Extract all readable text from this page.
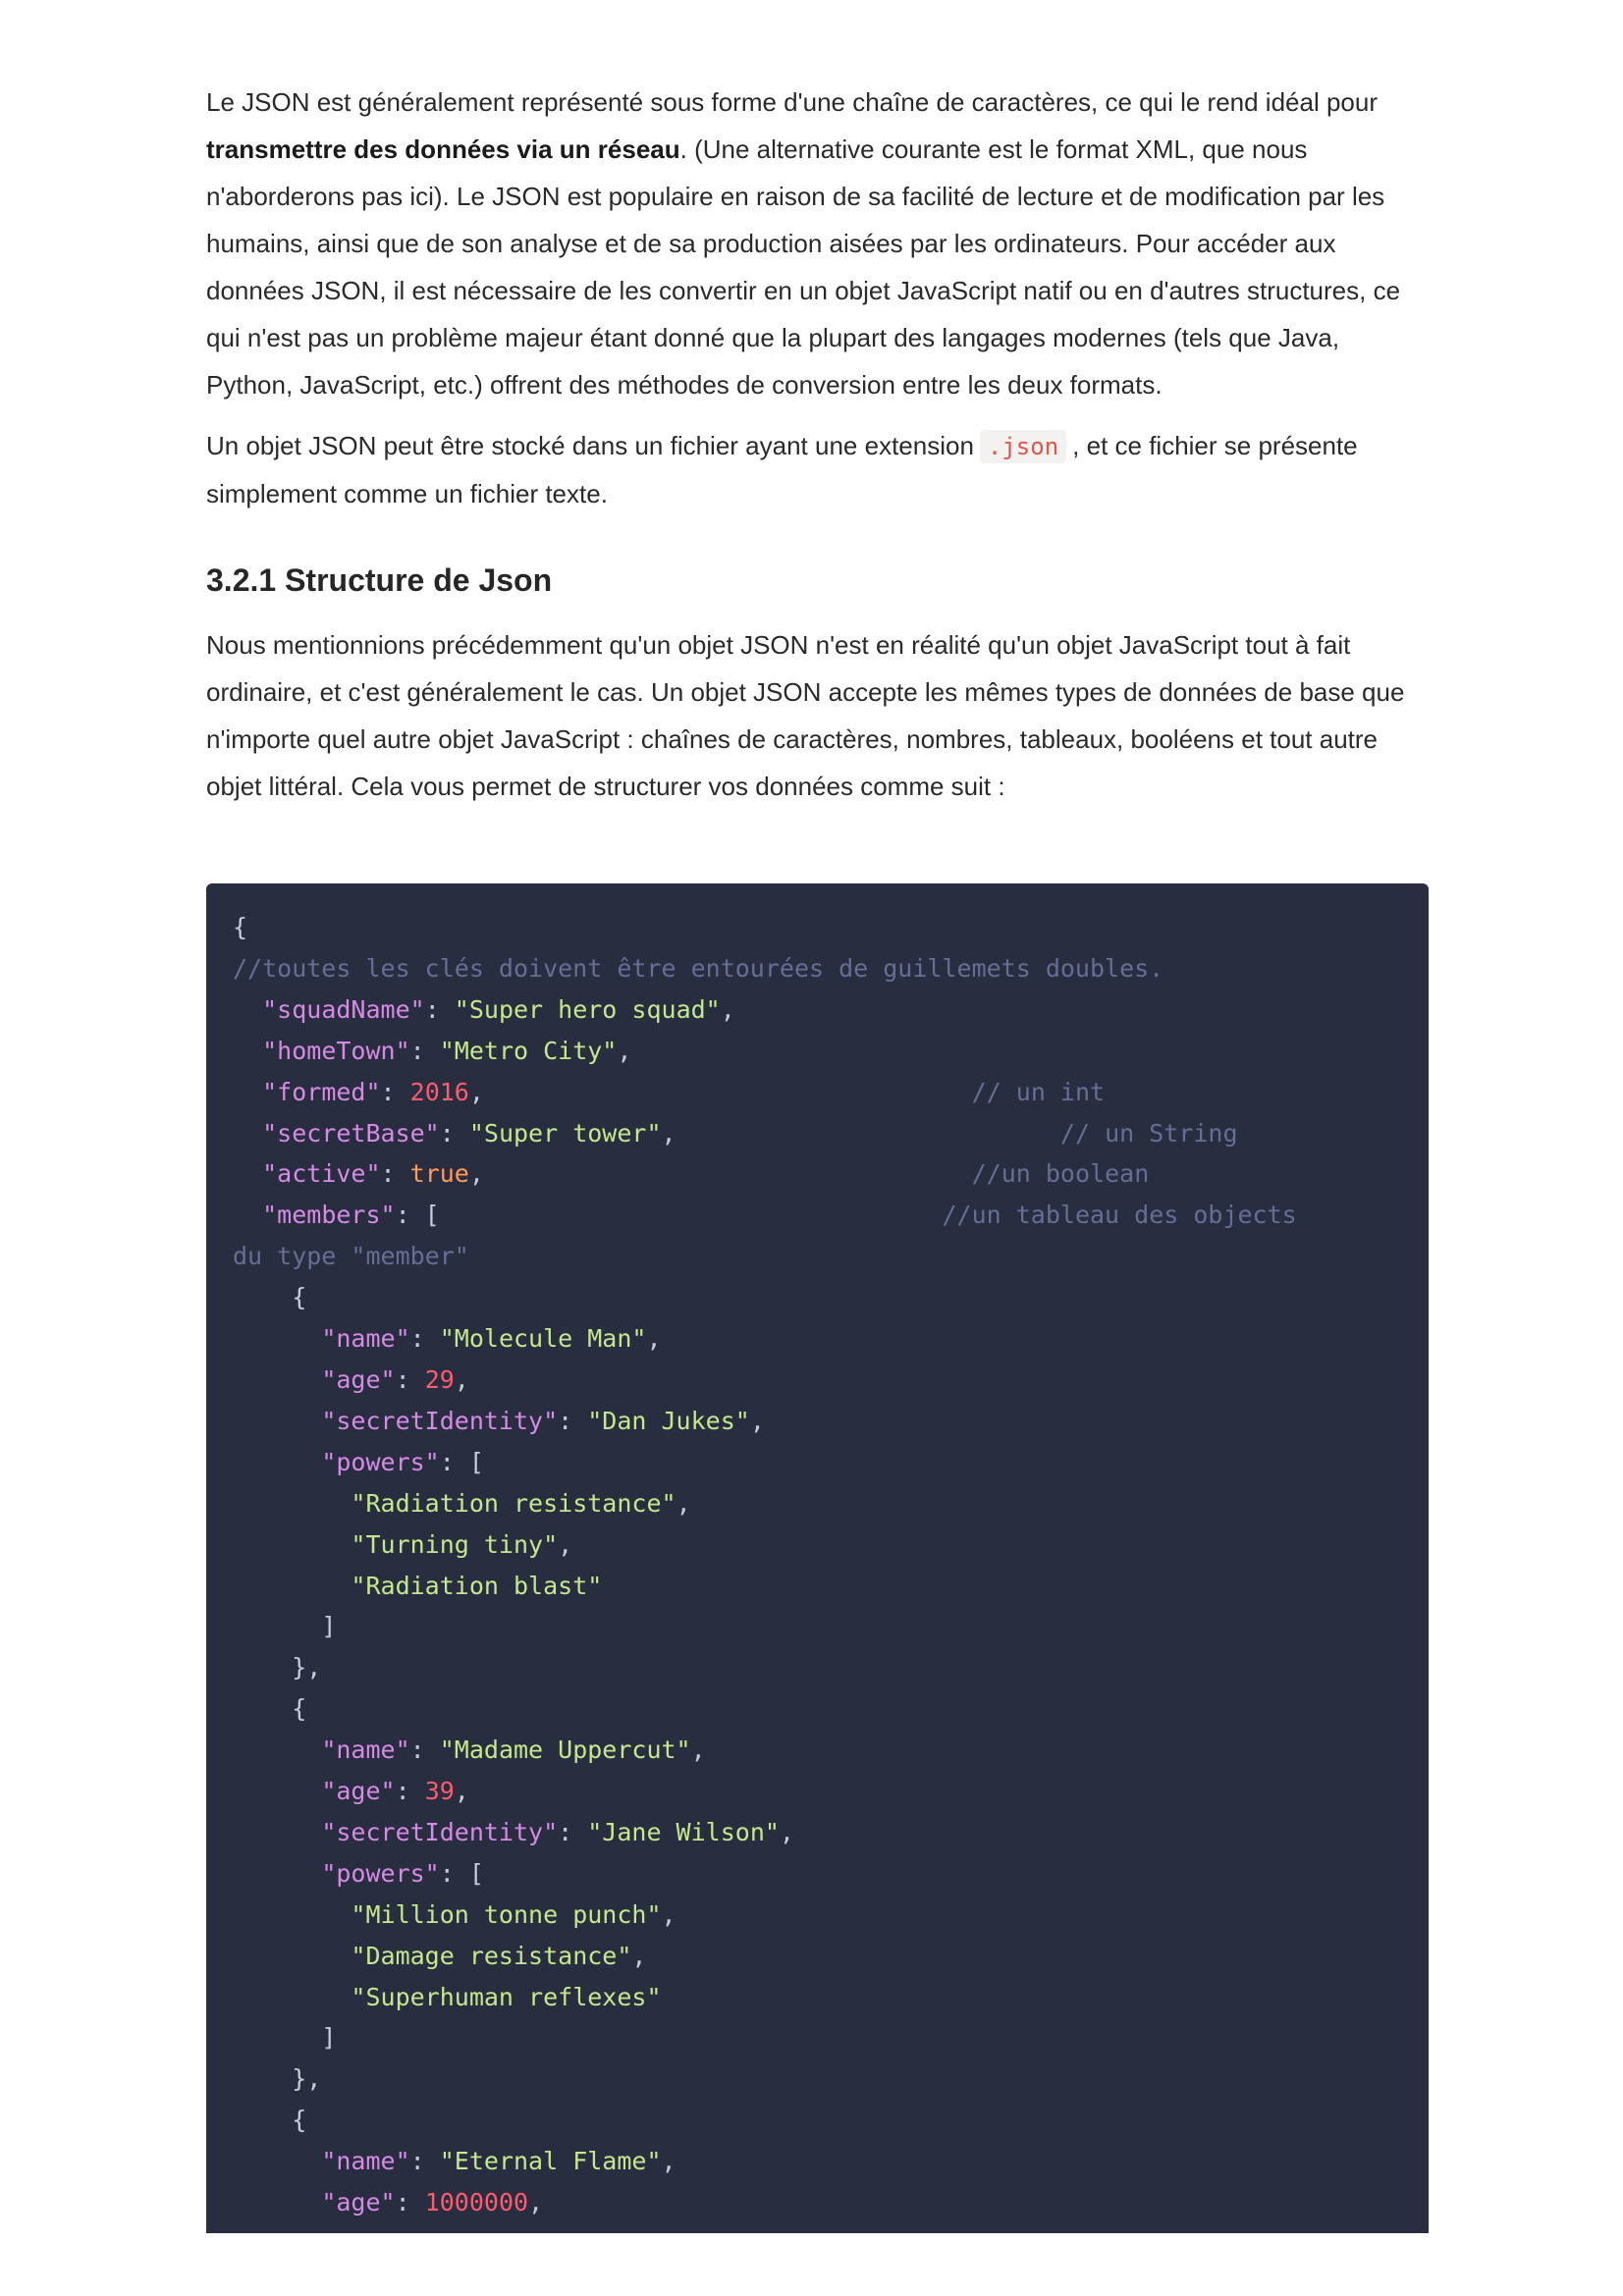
Le JSON est généralement représenté sous forme d'une chaîne de caractères, ce qui le rend idéal pour transmettre des données via un réseau. (Une alternative courante est le format XML, que nous n'aborderons pas ici). Le JSON est populaire en raison de sa facilité de lecture et de modification par les humains, ainsi que de son analyse et de sa production aisées par les ordinateurs. Pour accéder aux données JSON, il est nécessaire de les convertir en un objet JavaScript natif ou en d'autres structures, ce qui n'est pas un problème majeur étant donné que la plupart des langages modernes (tels que Java, Python, JavaScript, etc.) offrent des méthodes de conversion entre les deux formats.

Un objet JSON peut être stocké dans un fichier ayant une extension .json , et ce fichier se présente simplement comme un fichier texte.

3.2.1 Structure de Json

Nous mentionnions précédemment qu'un objet JSON n'est en réalité qu'un objet JavaScript tout à fait ordinaire, et c'est généralement le cas. Un objet JSON accepte les mêmes types de données de base que n'importe quel autre objet JavaScript : chaînes de caractères, nombres, tableaux, booléens et tout autre objet littéral. Cela vous permet de structurer vos données comme suit :

{
//toutes les clés doivent être entourées de guillemets doubles.
"squadName": "Super hero squad",
"homeTown": "Metro City",
"formed": 2016,	// un int
"secretBase": "Super tower",	// un String
"active": true,	//un boolean
"members": [	//un tableau des objects
du type "member"
{
"name": "Molecule Man",
"age": 29,
"secretIdentity": "Dan Jukes",
"powers": [
"Radiation resistance",
"Turning tiny",
"Radiation blast"
]
},
{
"name": "Madame Uppercut",
"age": 39,
"secretIdentity": "Jane Wilson",
"powers": [
"Million tonne punch",
"Damage resistance",
"Superhuman reflexes"
]
},
{
"name": "Eternal Flame",
"age": 1000000,
